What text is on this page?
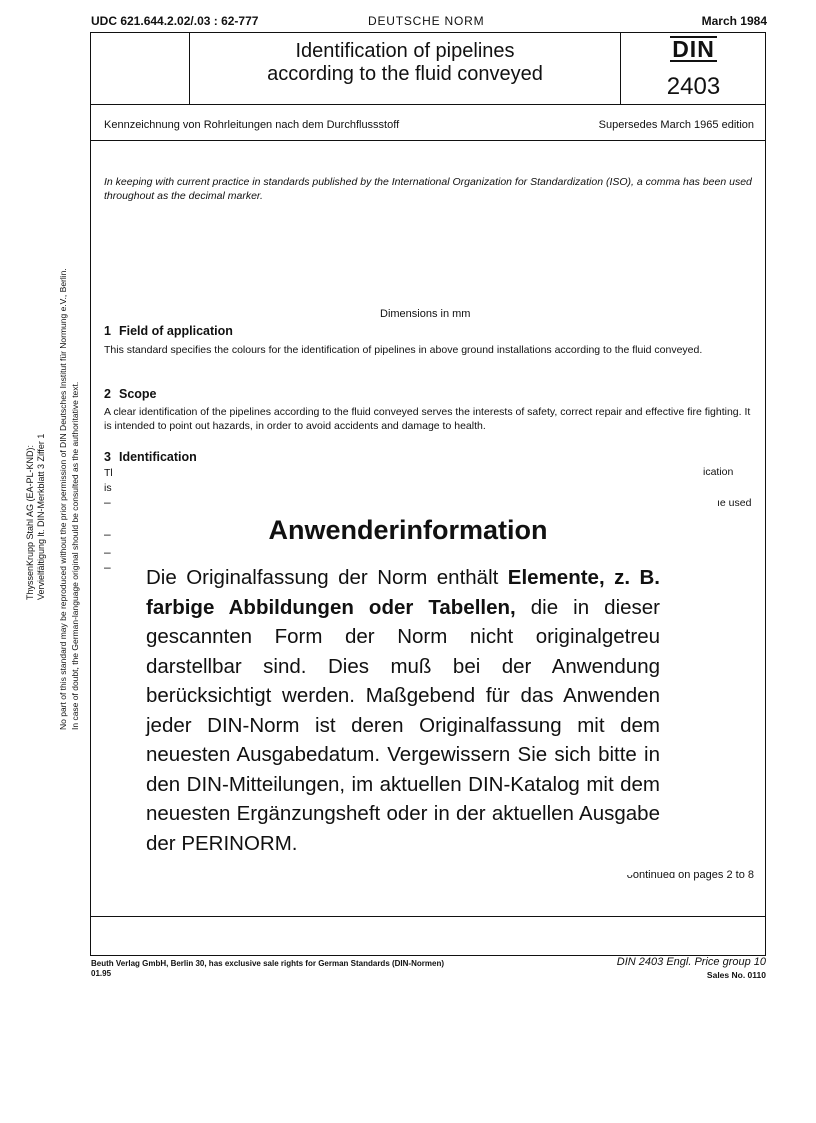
UDC 621.644.2.02/.03 : 62-777	DEUTSCHE NORM	March 1984
Identification of pipelines
according to the fluid conveyed
DIN
2403
Kennzeichnung von Rohrleitungen nach dem Durchflussstoff	Supersedes March 1965 edition
In keeping with current practice in standards published by the International Organization for Standardization (ISO), a comma has been used throughout as the decimal marker.
Dimensions in mm
1 Field of application
This standard specifies the colours for the identification of pipelines in above ground installations according to the fluid conveyed.
2 Scope
A clear identification of the pipelines according to the fluid conveyed serves the interests of safety, correct repair and effective fire fighting. It is intended to point out hazards, in order to avoid accidents and damage to health.
3 Identification
Tl
is
ication
ıe used
–
–
–
–
Anwenderinformation
Die Originalfassung der Norm enthält Elemente, z. B. farbige Abbildungen oder Tabellen, die in dieser gescannten Form der Norm nicht originalgetreu darstellbar sind. Dies muß bei der Anwendung berücksichtigt werden. Maßgebend für das Anwenden jeder DIN-Norm ist deren Originalfassung mit dem neuesten Ausgabedatum. Vergewissern Sie sich bitte in den DIN-Mitteilungen, im aktuellen DIN-Katalog mit dem neuesten Ergänzungsheft oder in der aktuellen Ausgabe der PERINORM.
ᴗontinueɑ on pages 2 to 8
Beuth Verlag GmbH, Berlin 30, has exclusive sale rights for German Standards (DIN-Normen)
01.95
DIN 2403 Engl. Price group 10
Sales No. 0110
No part of this standard may be reproduced without the prior permission of DIN Deutsches Institut für Normung e.V., Berlin. In case of doubt, the German-language original should be consulted as the authoritative text.
ThyssenKrupp Stahl AG (EA-PL-KND): Vervielfältigung lt. DIN-Merkblatt 3 Ziffer 1
